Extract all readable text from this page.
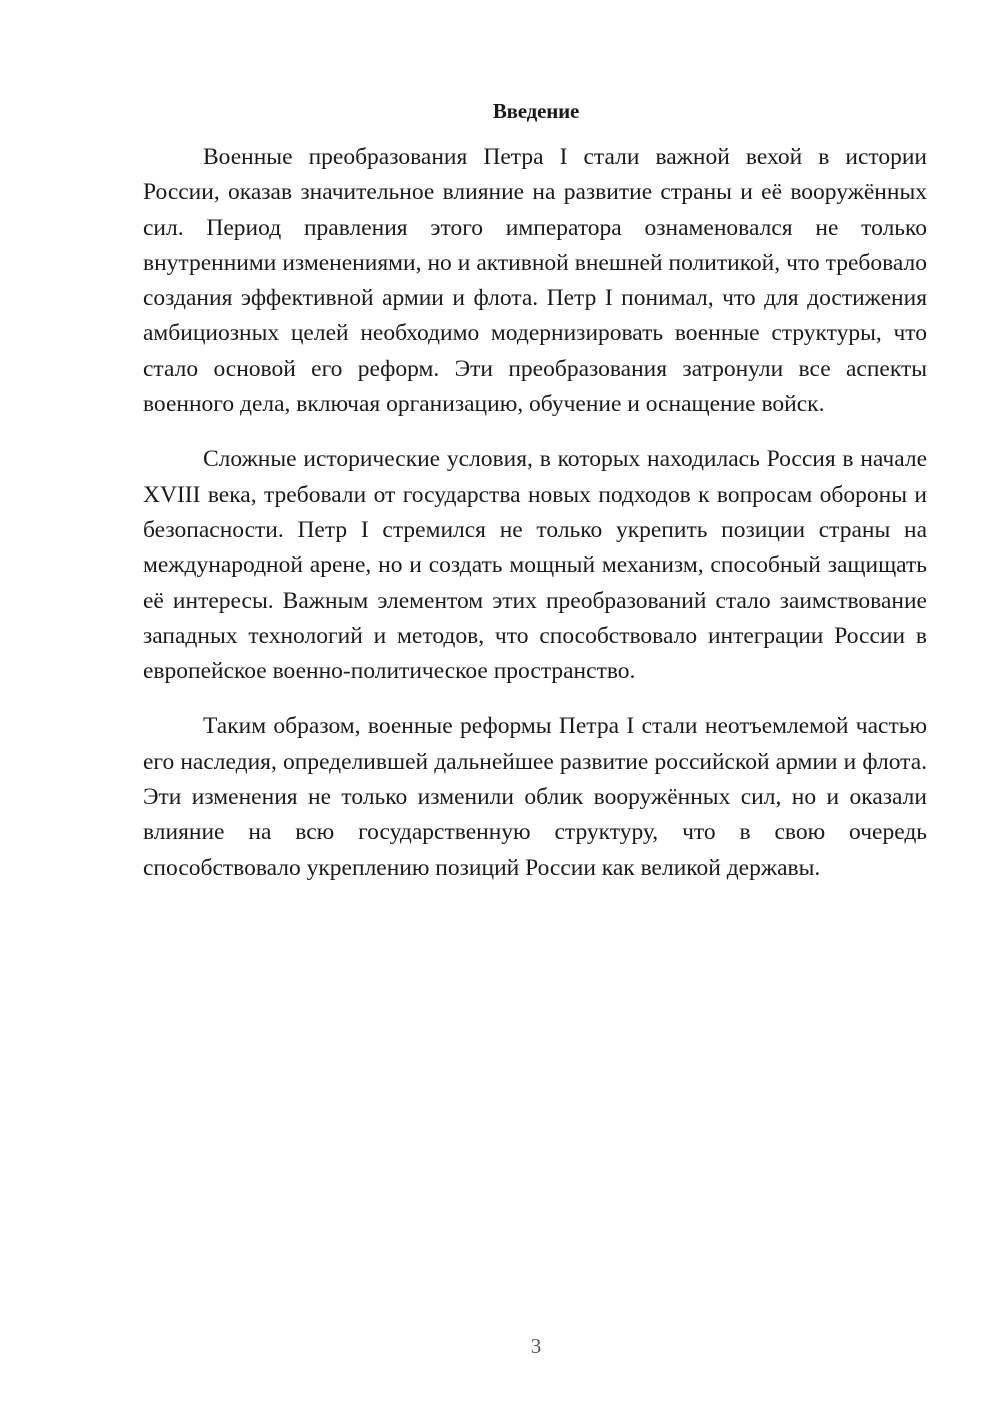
Введение

Военные преобразования Петра I стали важной вехой в истории России, оказав значительное влияние на развитие страны и её вооружённых сил. Период правления этого императора ознаменовался не только внутренними изменениями, но и активной внешней политикой, что требовало создания эффективной армии и флота. Петр I понимал, что для достижения амбициозных целей необходимо модернизировать военные структуры, что стало основой его реформ. Эти преобразования затронули все аспекты военного дела, включая организацию, обучение и оснащение войск.

Сложные исторические условия, в которых находилась Россия в начале XVIII века, требовали от государства новых подходов к вопросам обороны и безопасности. Петр I стремился не только укрепить позиции страны на международной арене, но и создать мощный механизм, способный защищать её интересы. Важным элементом этих преобразований стало заимствование западных технологий и методов, что способствовало интеграции России в европейское военно-политическое пространство.

Таким образом, военные реформы Петра I стали неотъемлемой частью его наследия, определившей дальнейшее развитие российской армии и флота. Эти изменения не только изменили облик вооружённых сил, но и оказали влияние на всю государственную структуру, что в свою очередь способствовало укреплению позиций России как великой державы.

3
